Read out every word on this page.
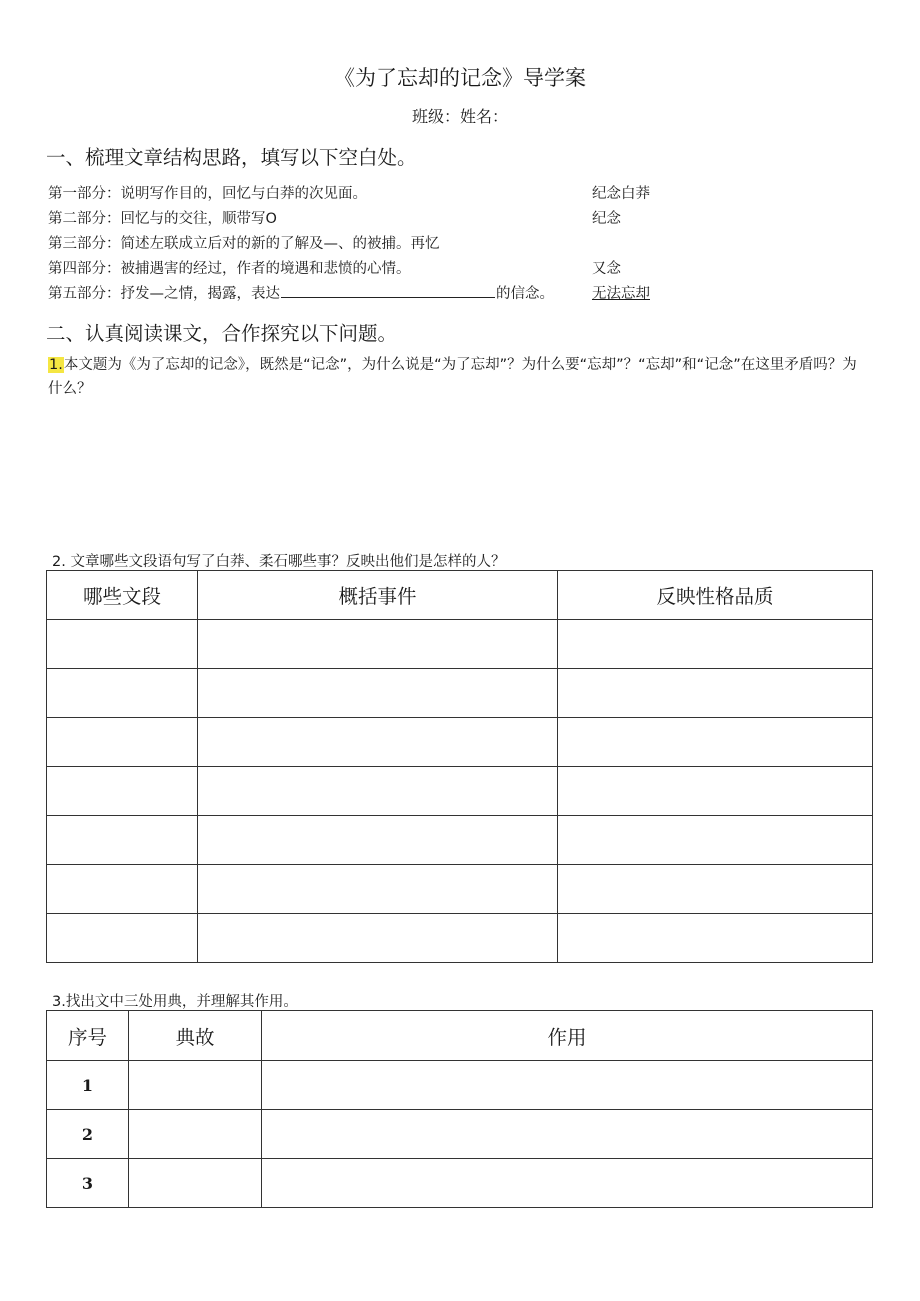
《为了忘却的记念》导学案
班级：姓名：
一、梳理文章结构思路，填写以下空白处。
第一部分：说明写作目的，回忆与白莽的次见面。	纪念白莽
第二部分：回忆与的交往，顺带写O	纪念
第三部分：简述左联成立后对的新的了解及—、的被捕。再忆
第四部分：被捕遇害的经过，作者的境遇和悲愤的心情。	又念
第五部分：抒发—之情，揭露，表达	的信念。	无法忘却
二、认真阅读课文，合作探究以下问题。
1.本文题为《为了忘却的记念》，既然是“记念”，为什么说是“为了忘却”？为什么要“忘却”？“忘却”和“记念”在这里矛盾吗？为什么？
2. 文章哪些文段语句写了白莽、柔石哪些事？反映出他们是怎样的人？
哪些文段	概括事件	反映性格品质

3.找出文中三处用典，并理解其作用。
序号	典故	作用
1		
2		
3		
